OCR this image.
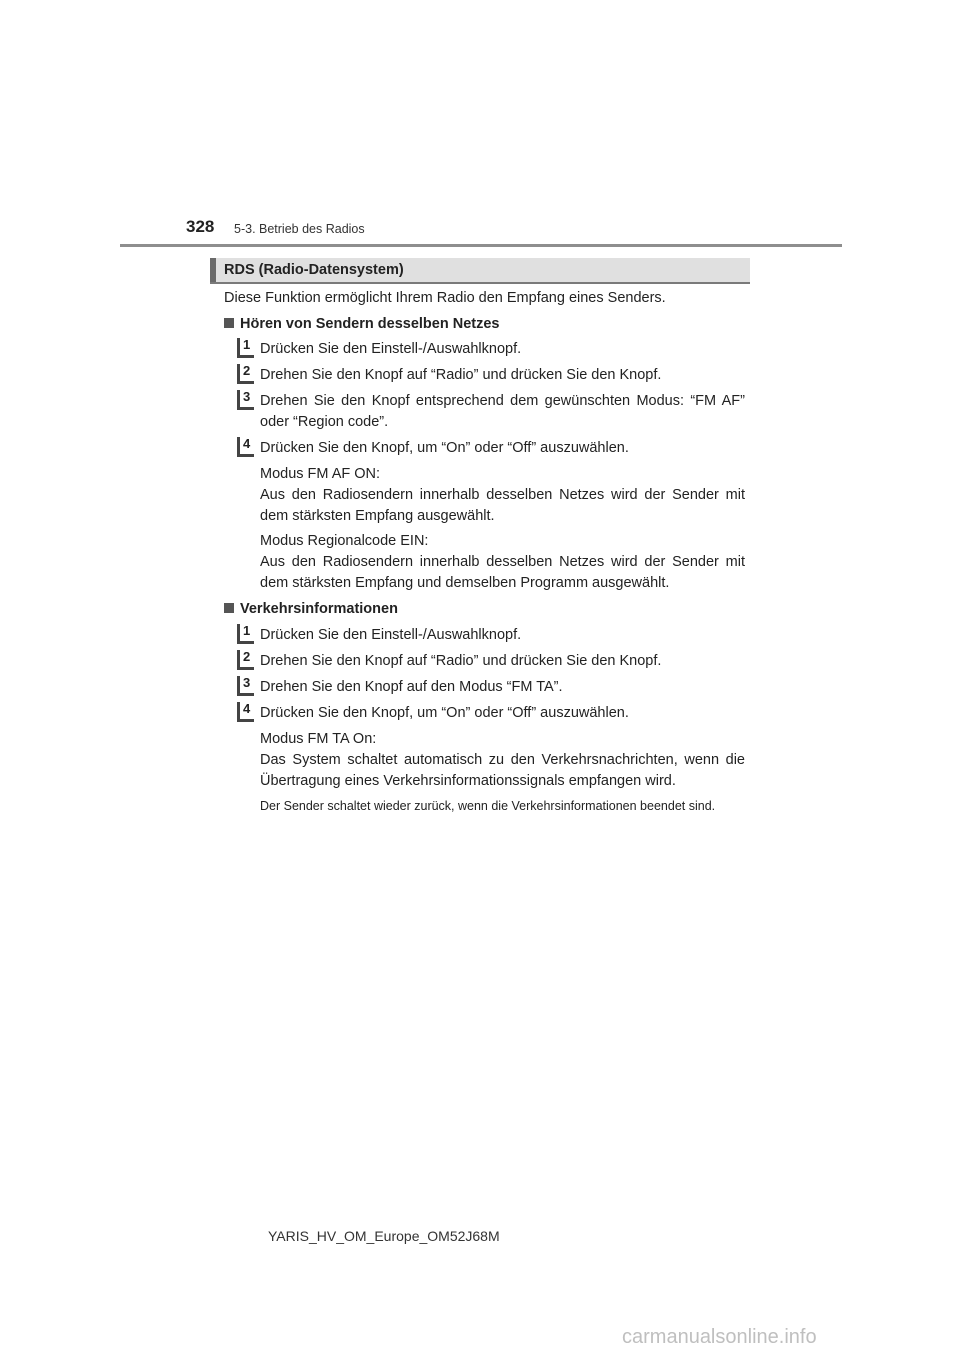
328 5-3. Betrieb des Radios
RDS (Radio-Datensystem)
Diese Funktion ermöglicht Ihrem Radio den Empfang eines Senders.
Hören von Sendern desselben Netzes
1 Drücken Sie den Einstell-/Auswahlknopf.
2 Drehen Sie den Knopf auf “Radio” und drücken Sie den Knopf.
3 Drehen Sie den Knopf entsprechend dem gewünschten Modus: “FM AF” oder “Region code”.
4 Drücken Sie den Knopf, um “On” oder “Off” auszuwählen.
Modus FM AF ON:
Aus den Radiosendern innerhalb desselben Netzes wird der Sender mit dem stärksten Empfang ausgewählt.
Modus Regionalcode EIN:
Aus den Radiosendern innerhalb desselben Netzes wird der Sender mit dem stärksten Empfang und demselben Programm ausgewählt.
Verkehrsinformationen
1 Drücken Sie den Einstell-/Auswahlknopf.
2 Drehen Sie den Knopf auf “Radio” und drücken Sie den Knopf.
3 Drehen Sie den Knopf auf den Modus “FM TA”.
4 Drücken Sie den Knopf, um “On” oder “Off” auszuwählen.
Modus FM TA On:
Das System schaltet automatisch zu den Verkehrsnachrichten, wenn die Übertragung eines Verkehrsinformationssignals empfangen wird.
Der Sender schaltet wieder zurück, wenn die Verkehrsinformationen beendet sind.
YARIS_HV_OM_Europe_OM52J68M
carmanualsonline.info
